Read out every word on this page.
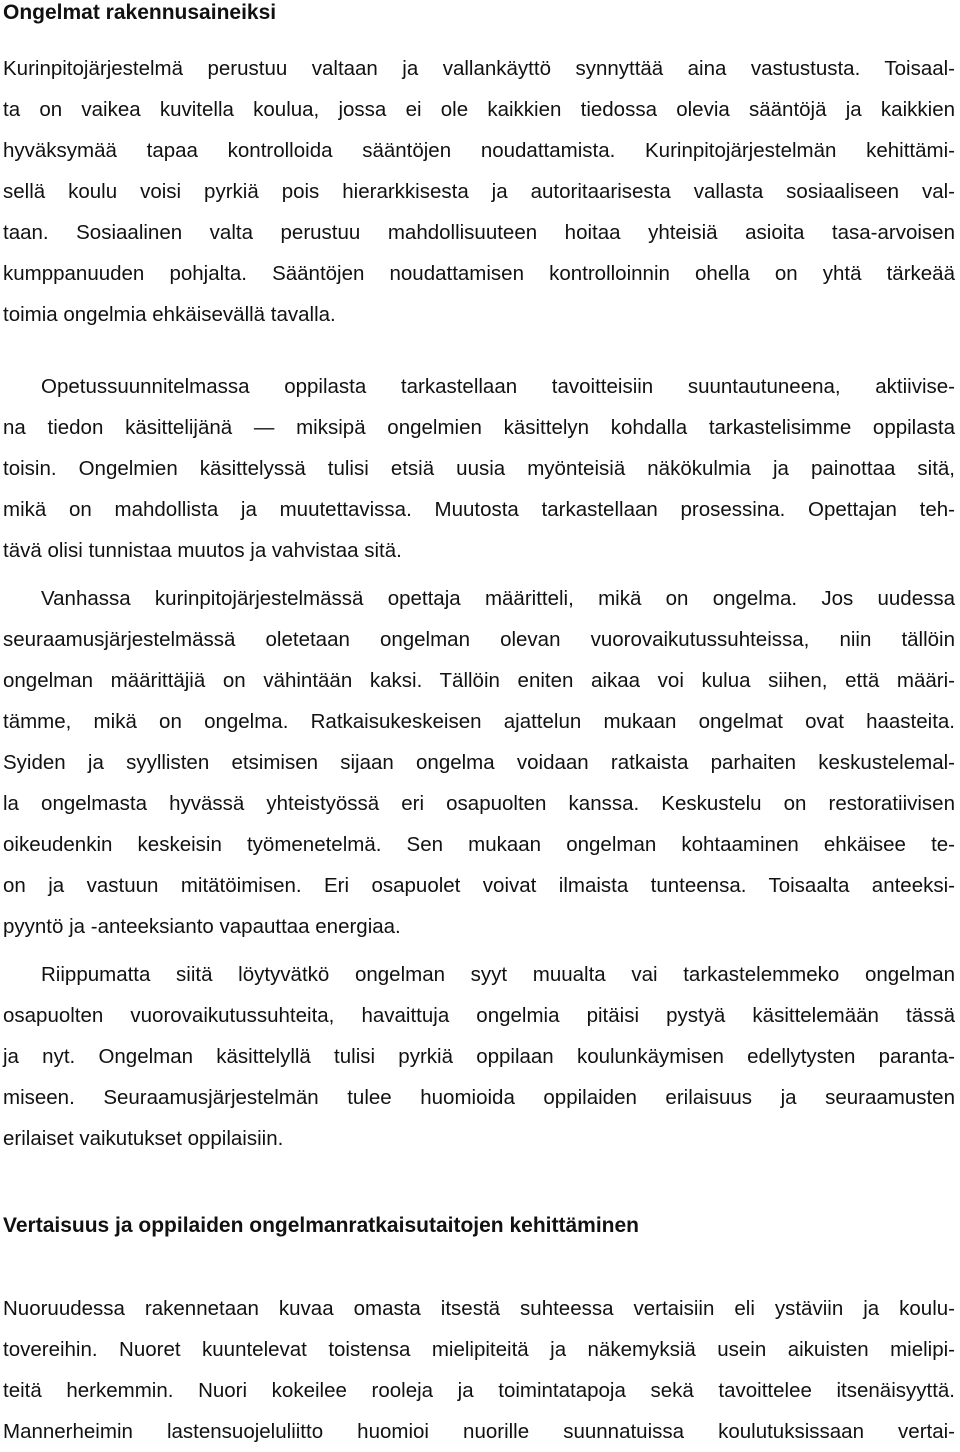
Ongelmat rakennusaineiksi
Kurinpitojärjestelmä perustuu valtaan ja vallankäyttö synnyttää aina vastustusta. Toisaal-
ta on vaikea kuvitella koulua, jossa ei ole kaikkien tiedossa olevia sääntöjä ja kaikkien
hyväksymää tapaa kontrolloida sääntöjen noudattamista. Kurinpitojärjestelmän kehittämi-
sellä koulu voisi pyrkiä pois hierarkkisesta ja autoritaarisesta vallasta sosiaaliseen val-
taan. Sosiaalinen valta perustuu mahdollisuuteen hoitaa yhteisiä asioita tasa-arvoisen
kumppanuuden pohjalta. Sääntöjen noudattamisen kontrolloinnin ohella on yhtä tärkeää
toimia ongelmia ehkäisevällä tavalla.
Opetussuunnitelmassa oppilasta tarkastellaan tavoitteisiin suuntautuneena, aktiivise-
na tiedon käsittelijänä — miksipä ongelmien käsittelyn kohdalla tarkastelisimme oppilasta
toisin. Ongelmien käsittelyssä tulisi etsiä uusia myönteisiä näkökulmia ja painottaa sitä,
mikä on mahdollista ja muutettavissa. Muutosta tarkastellaan prosessina. Opettajan teh-
tävä olisi tunnistaa muutos ja vahvistaa sitä.
Vanhassa kurinpitojärjestelmässä opettaja määritteli, mikä on ongelma. Jos uudessa
seuraamusjärjestelmässä oletetaan ongelman olevan vuorovaikutussuhteissa, niin tällöin
ongelman määrittäjiä on vähintään kaksi. Tällöin eniten aikaa voi kulua siihen, että määri-
tämme, mikä on ongelma. Ratkaisukeskeisen ajattelun mukaan ongelmat ovat haasteita.
Syiden ja syyllisten etsimisen sijaan ongelma voidaan ratkaista parhaiten keskustelemal-
la ongelmasta hyvässä yhteistyössä eri osapuolten kanssa. Keskustelu on restoratiivisen
oikeudenkin keskeisin työmenetelmä. Sen mukaan ongelman kohtaaminen ehkäisee te-
on ja vastuun mitätöimisen. Eri osapuolet voivat ilmaista tunteensa. Toisaalta anteeksi-
pyyntö ja -anteeksianto vapauttaa energiaa.
Riippumatta siitä löytyvätkö ongelman syyt muualta vai tarkastelemmeko ongelman
osapuolten vuorovaikutussuhteita, havaittuja ongelmia pitäisi pystyä käsittelemään tässä
ja nyt. Ongelman käsittelyllä tulisi pyrkiä oppilaan koulunkäymisen edellytysten paranta-
miseen. Seuraamusjärjestelmän tulee huomioida oppilaiden erilaisuus ja seuraamusten
erilaiset vaikutukset oppilaisiin.
Vertaisuus ja oppilaiden ongelmanratkaisutaitojen kehittäminen
Nuoruudessa rakennetaan kuvaa omasta itsestä suhteessa vertaisiin eli ystäviin ja koulu-
tovereihin. Nuoret kuuntelevat toistensa mielipiteitä ja näkemyksiä usein aikuisten mielipi-
teitä herkemmin. Nuori kokeilee rooleja ja toimintatapoja sekä tavoittelee itsenäisyyttä.
Mannerheimin lastensuojeluliitto huomioi nuorille suunnatuissa koulutuksissaan vertai-
